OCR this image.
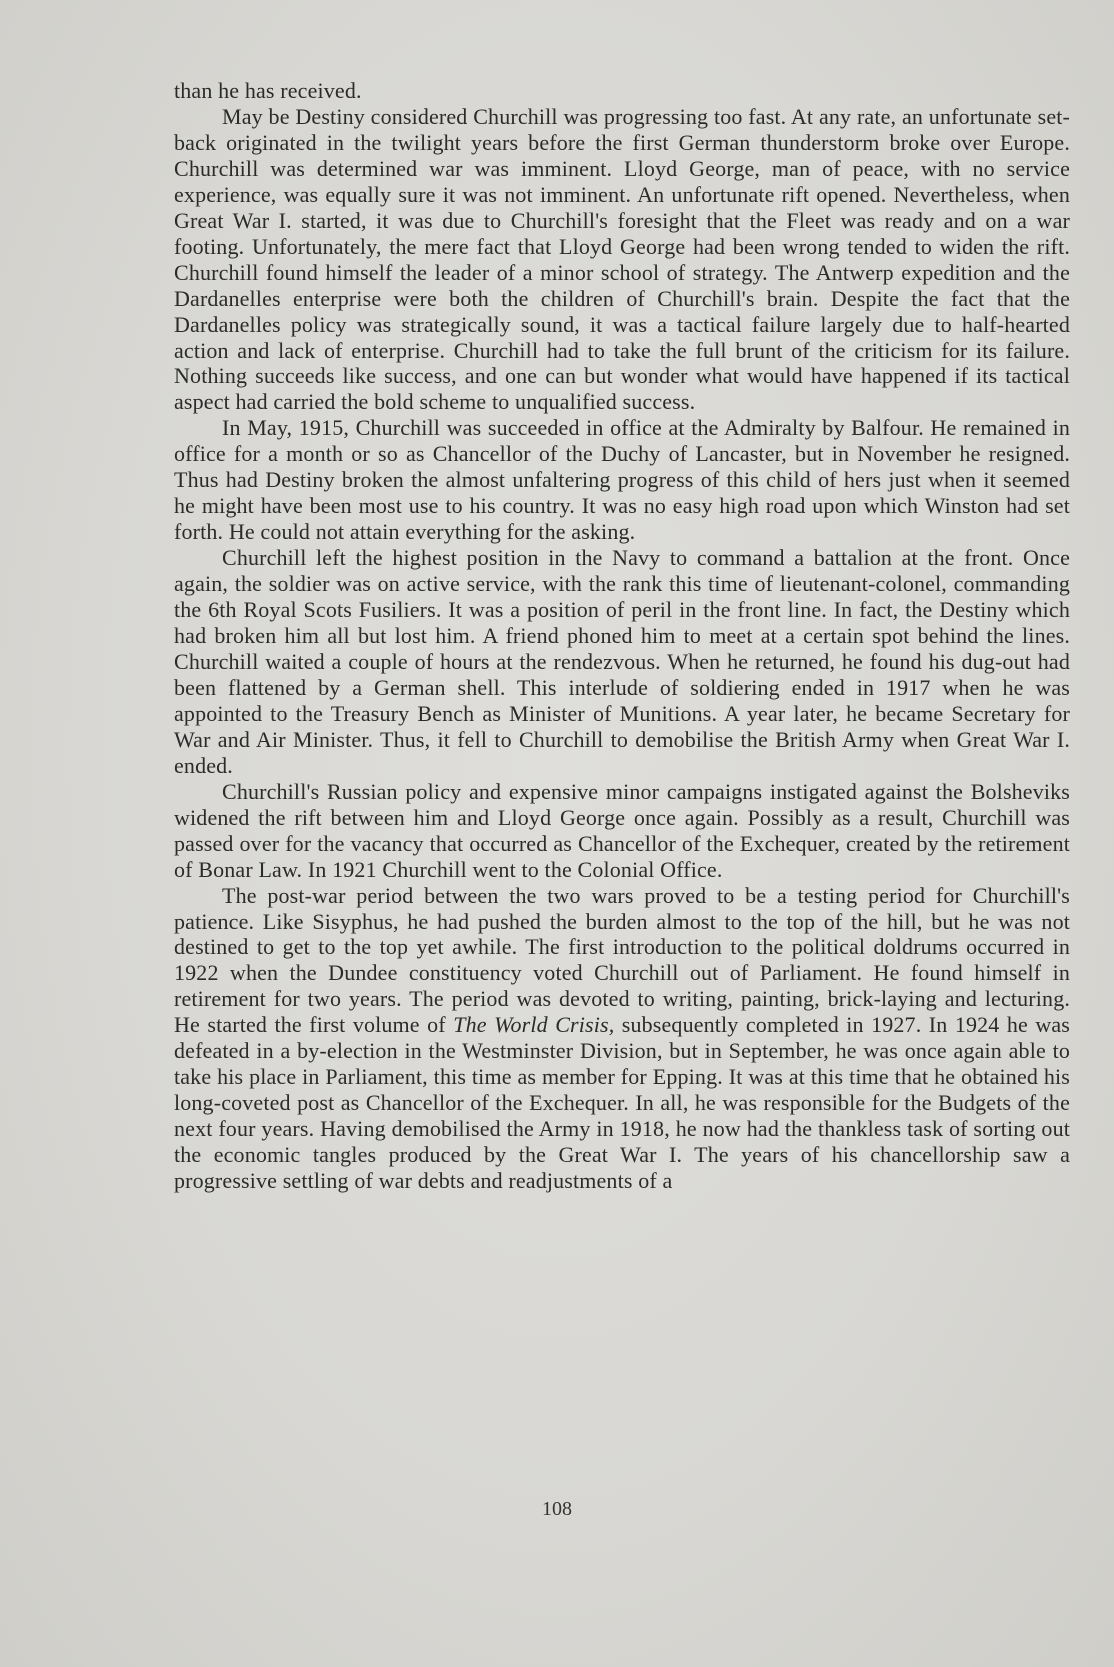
than he has received.

May be Destiny considered Churchill was progressing too fast. At any rate, an unfortunate set-back originated in the twilight years before the first German thunderstorm broke over Europe. Churchill was determined war was imminent. Lloyd George, man of peace, with no service experience, was equally sure it was not imminent. An unfortunate rift opened. Nevertheless, when Great War I. started, it was due to Churchill's foresight that the Fleet was ready and on a war footing. Unfortunately, the mere fact that Lloyd George had been wrong tended to widen the rift. Churchill found himself the leader of a minor school of strategy. The Antwerp expedition and the Dardanelles enterprise were both the children of Churchill's brain. Despite the fact that the Dardanelles policy was strategically sound, it was a tactical failure largely due to half-hearted action and lack of enterprise. Churchill had to take the full brunt of the criticism for its failure. Nothing succeeds like success, and one can but wonder what would have happened if its tactical aspect had carried the bold scheme to unqualified success.

In May, 1915, Churchill was succeeded in office at the Admiralty by Balfour. He remained in office for a month or so as Chancellor of the Duchy of Lancaster, but in November he resigned. Thus had Destiny broken the almost unfaltering progress of this child of hers just when it seemed he might have been most use to his country. It was no easy high road upon which Winston had set forth. He could not attain everything for the asking.

Churchill left the highest position in the Navy to command a battalion at the front. Once again, the soldier was on active service, with the rank this time of lieutenant-colonel, commanding the 6th Royal Scots Fusiliers. It was a position of peril in the front line. In fact, the Destiny which had broken him all but lost him. A friend phoned him to meet at a certain spot behind the lines. Churchill waited a couple of hours at the rendezvous. When he returned, he found his dug-out had been flattened by a German shell. This interlude of soldiering ended in 1917 when he was appointed to the Treasury Bench as Minister of Munitions. A year later, he became Secretary for War and Air Minister. Thus, it fell to Churchill to demobilise the British Army when Great War I. ended.

Churchill's Russian policy and expensive minor campaigns instigated against the Bolsheviks widened the rift between him and Lloyd George once again. Possibly as a result, Churchill was passed over for the vacancy that occurred as Chancellor of the Exchequer, created by the retirement of Bonar Law. In 1921 Churchill went to the Colonial Office.

The post-war period between the two wars proved to be a testing period for Churchill's patience. Like Sisyphus, he had pushed the burden almost to the top of the hill, but he was not destined to get to the top yet awhile. The first introduction to the political doldrums occurred in 1922 when the Dundee constituency voted Churchill out of Parliament. He found himself in retirement for two years. The period was devoted to writing, painting, brick-laying and lecturing. He started the first volume of The World Crisis, subsequently completed in 1927. In 1924 he was defeated in a by-election in the Westminster Division, but in September, he was once again able to take his place in Parliament, this time as member for Epping. It was at this time that he obtained his long-coveted post as Chancellor of the Exchequer. In all, he was responsible for the Budgets of the next four years. Having demobilised the Army in 1918, he now had the thankless task of sorting out the economic tangles produced by the Great War I. The years of his chancellorship saw a progressive settling of war debts and readjustments of a

108
